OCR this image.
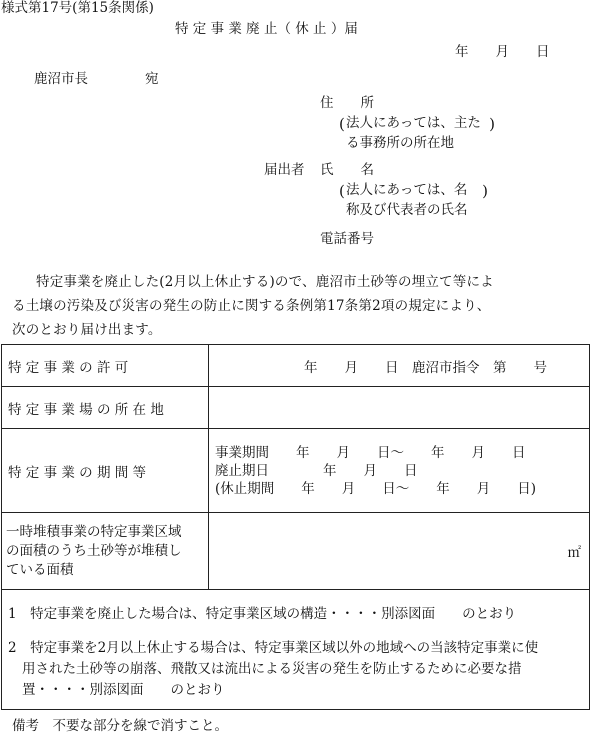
様式第17号(第15条関係)
特 定 事 業 廃 止（ 休 止 ）届
年　　月　　日
鹿沼市長	宛
住　　所
( 法人にあっては、主た
る事務所の所在地
)
届出者 氏　　名
( 法人にあっては、名
称及び代表者の氏名
)
電話番号
特定事業を廃止した(2月以上休止する)ので、鹿沼市土砂等の埋立て等によ
る土壌の汚染及び災害の発生の防止に関する条例第17条第2項の規定により、
次のとおり届け出ます。
特 定 事 業 の 許 可	年　　月　　日　鹿沼市指令　第　　号
特 定 事 業 場 の 所 在 地	
特 定 事 業 の 期 間 等	事業期間　　年　　月　　日～　　年　　月　　日
廃止期日　　　　年　　月　　日
(休止期間　　年　　月　　日～　　年　　月　　日)

一時堆積事業の特定事業区域
の面積のうち土砂等が堆積し
ている面積	㎡
1　特定事業を廃止した場合は、特定事業区域の構造・・・・別添図面　　のとおり
2　特定事業を2月以上休止する場合は、特定事業区域以外の地域への当該特定事業に使
用された土砂等の崩落、飛散又は流出による災害の発生を防止するために必要な措
置・・・・別添図面　　のとおり
備考　不要な部分を線で消すこと。
